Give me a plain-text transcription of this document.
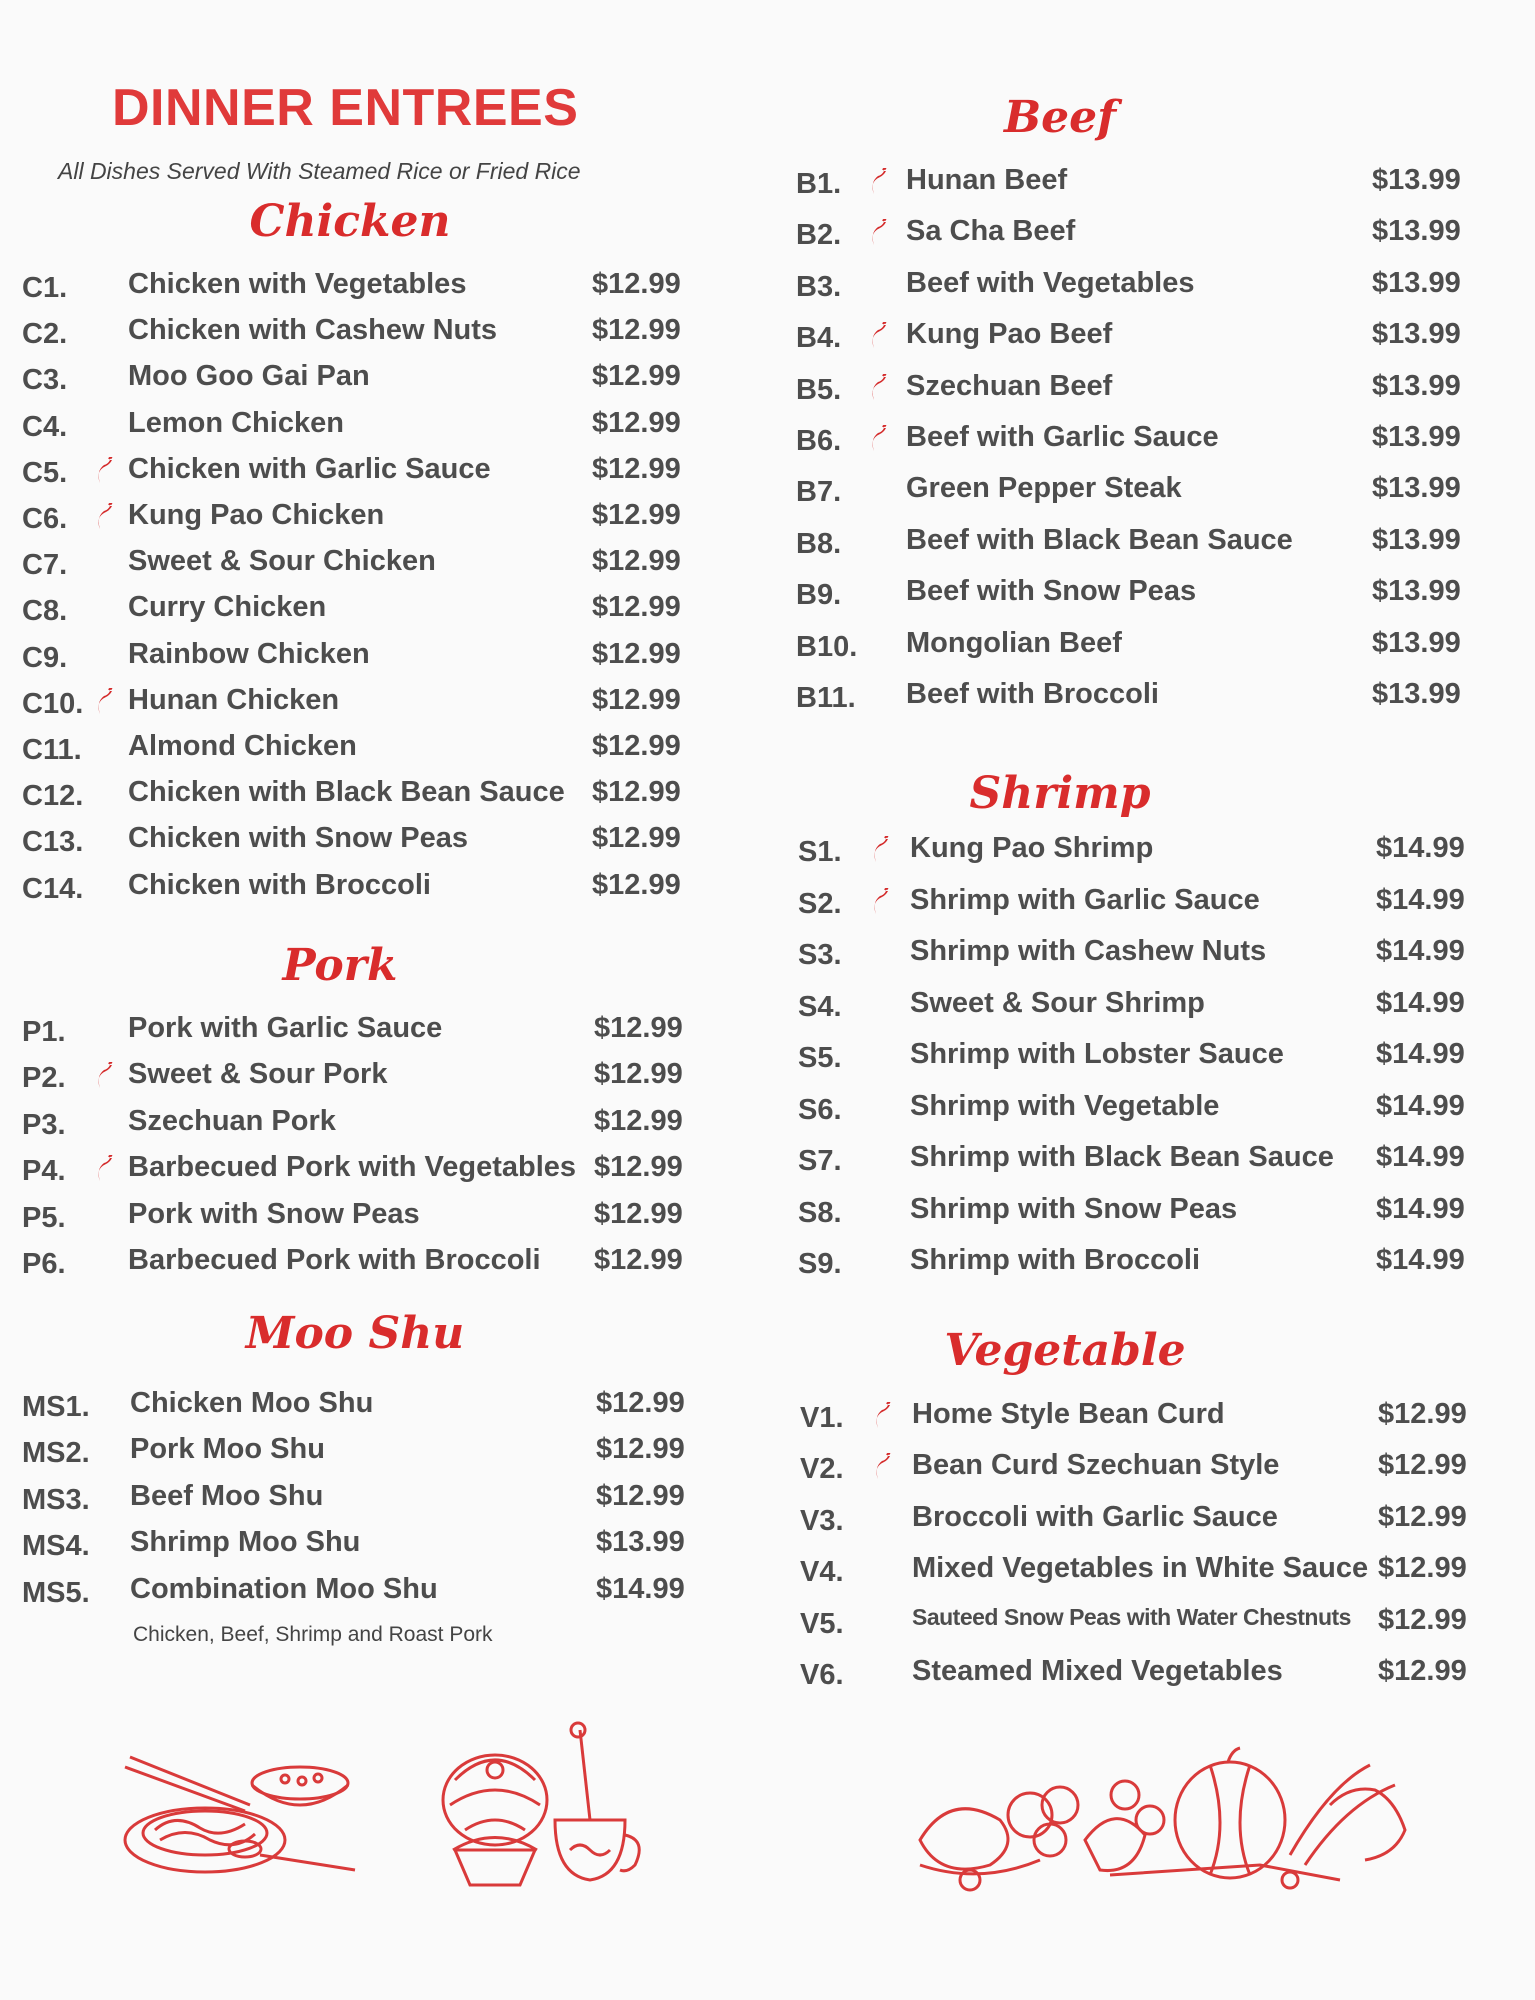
DINNER ENTREES
All Dishes Served With Steamed Rice or Fried Rice
Chicken
C1. Chicken with Vegetables	$12.99
C2. Chicken with Cashew Nuts	$12.99
C3. Moo Goo Gai Pan	$12.99
C4. Lemon Chicken	$12.99
C5. Chicken with Garlic Sauce	$12.99
C6. Kung Pao Chicken	$12.99
C7. Sweet & Sour Chicken	$12.99
C8. Curry Chicken	$12.99
C9. Rainbow Chicken	$12.99
C10. Hunan Chicken	$12.99
C11. Almond Chicken	$12.99
C12. Chicken with Black Bean Sauce $12.99
C13. Chicken with Snow Peas	$12.99
C14. Chicken with Broccoli	$12.99
Pork
P1. Pork with Garlic Sauce	$12.99
P2. Sweet & Sour Pork	$12.99
P3. Szechuan Pork	$12.99
P4. Barbecued Pork with Vegetables $12.99
P5. Pork with Snow Peas	$12.99
P6. Barbecued Pork with Broccoli $12.99
Moo Shu
MS1. Chicken Moo Shu	$12.99
MS2. Pork Moo Shu	$12.99
MS3. Beef Moo Shu	$12.99
MS4. Shrimp Moo Shu	$13.99
MS5. Combination Moo Shu	$14.99
Chicken, Beef, Shrimp and Roast Pork
Beef
B1. Hunan Beef	$13.99
B2. Sa Cha Beef	$13.99
B3. Beef with Vegetables	$13.99
B4. Kung Pao Beef	$13.99
B5. Szechuan Beef	$13.99
B6. Beef with Garlic Sauce	$13.99
B7. Green Pepper Steak	$13.99
B8. Beef with Black Bean Sauce	$13.99
B9. Beef with Snow Peas	$13.99
B10. Mongolian Beef	$13.99
B11. Beef with Broccoli	$13.99
Shrimp
S1. Kung Pao Shrimp	$14.99
S2. Shrimp with Garlic Sauce	$14.99
S3. Shrimp with Cashew Nuts	$14.99
S4. Sweet & Sour Shrimp	$14.99
S5. Shrimp with Lobster Sauce	$14.99
S6. Shrimp with Vegetable	$14.99
S7. Shrimp with Black Bean Sauce $14.99
S8. Shrimp with Snow Peas	$14.99
S9. Shrimp with Broccoli	$14.99
Vegetable
V1. Home Style Bean Curd	$12.99
V2. Bean Curd Szechuan Style	$12.99
V3. Broccoli with Garlic Sauce	$12.99
V4. Mixed Vegetables in White Sauce $12.99
V5.	Sauteed Snow Peas with Water Chestnuts $12.99
V6. Steamed Mixed Vegetables	$12.99
